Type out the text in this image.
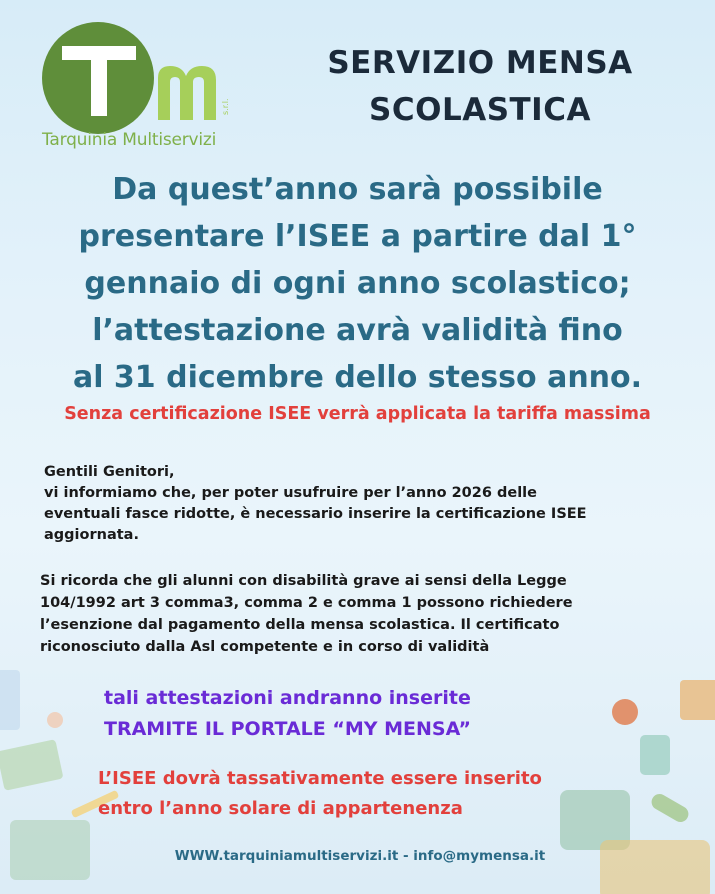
s.r.l.
Tarquinia Multiservizi
SERVIZIO MENSA
SCOLASTICA
Da quest’anno sarà possibile
presentare l’ISEE a partire dal 1°
gennaio di ogni anno scolastico;
l’attestazione avrà validità fino
al 31 dicembre dello stesso anno.
Senza certificazione ISEE verrà applicata la tariffa massima
Gentili Genitori,
vi informiamo che, per poter usufruire per l’anno 2026 delle
eventuali fasce ridotte, è necessario inserire la certificazione ISEE
aggiornata.
Si ricorda che gli alunni con disabilità grave ai sensi della Legge
104/1992 art 3 comma3, comma 2 e comma 1 possono richiedere
l’esenzione dal pagamento della mensa scolastica. Il certificato
riconosciuto dalla Asl competente e in corso di validità
tali attestazioni andranno inserite
TRAMITE IL PORTALE “MY MENSA”
L’ISEE dovrà tassativamente essere inserito
entro l’anno solare di appartenenza
WWW.tarquiniamultiservizi.it - info@mymensa.it
